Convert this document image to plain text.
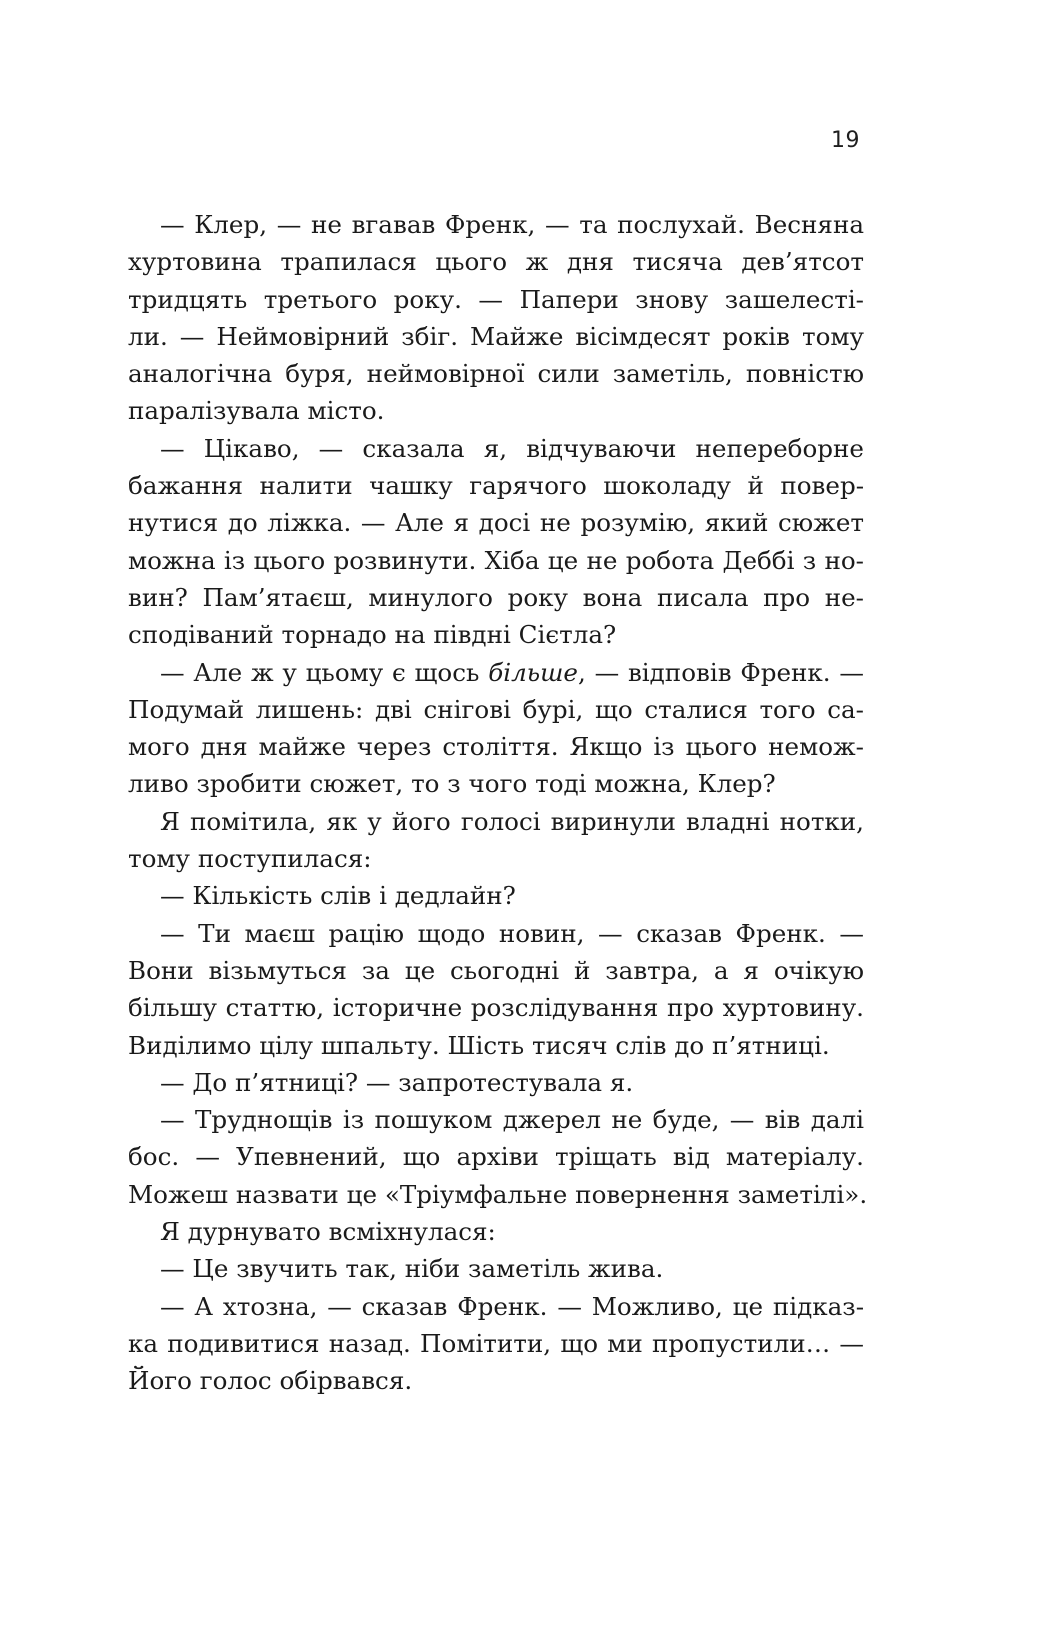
19
— Клер, — не вгавав Френк, — та послухай. Весняна
хуртовина трапилася цього ж дня тисяча дев’ятсот
тридцять третього року. — Папери знову зашелесті-
ли. — Неймовірний збіг. Майже вісімдесят років тому
аналогічна буря, неймовірної сили заметіль, повністю
паралізувала місто.
— Цікаво, — сказала я, відчуваючи непереборне
бажання налити чашку гарячого шоколаду й повер-
нутися до ліжка. — Але я досі не розумію, який сюжет
можна із цього розвинути. Хіба це не робота Деббі з но-
вин? Пам’ятаєш, минулого року вона писала про не-
сподіваний торнадо на півдні Сієтла?
— Але ж у цьому є щось більше, — відповів Френк. —
Подумай лишень: дві снігові бурі, що сталися того са-
мого дня майже через століття. Якщо із цього немож-
ливо зробити сюжет, то з чого тоді можна, Клер?
Я помітила, як у його голосі виринули владні нотки,
тому поступилася:
— Кількість слів і дедлайн?
— Ти маєш рацію щодо новин, — сказав Френк. —
Вони візьмуться за це сьогодні й завтра, а я очікую
більшу статтю, історичне розслідування про хуртовину.
Виділимо цілу шпальту. Шість тисяч слів до п’ятниці.
— До п’ятниці? — запротестувала я.
— Труднощів із пошуком джерел не буде, — вів далі
бос. — Упевнений, що архіви тріщать від матеріалу.
Можеш назвати це «Тріумфальне повернення заметілі».
Я дурнувато всміхнулася:
— Це звучить так, ніби заметіль жива.
— А хтозна, — сказав Френк. — Можливо, це підказ-
ка подивитися назад. Помітити, що ми пропустили… —
Його голос обірвався.
